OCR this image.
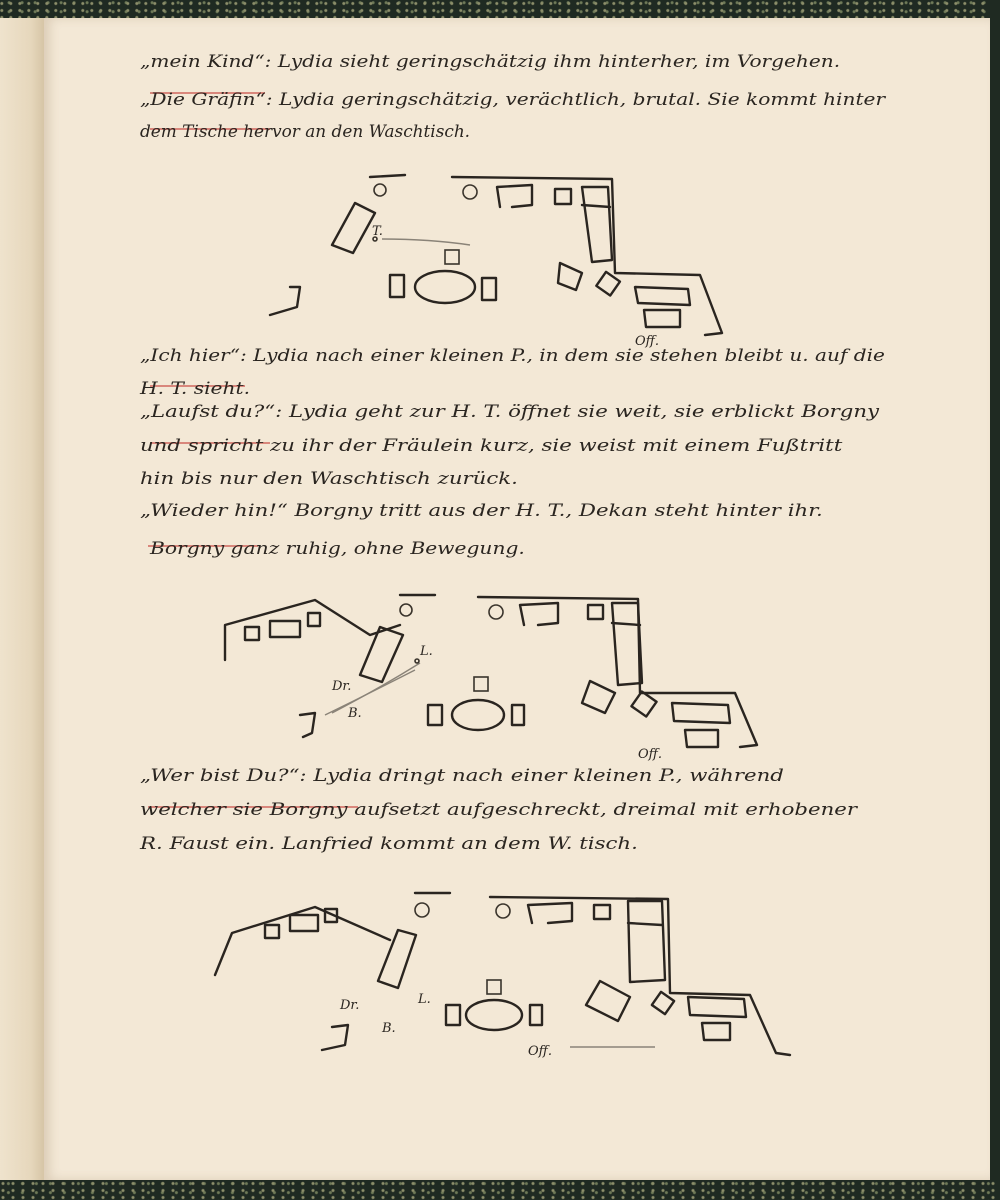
„mein Kind“: Lydia sieht geringschätzig ihm hinterher, im Vorgehen.
„Die Gräfin“: Lydia geringschätzig, verächtlich, brutal. Sie kommt hinter
dem Tische hervor an den Waschtisch.
„Ich hier“: Lydia nach einer kleinen P., in dem sie stehen bleibt u. auf die
H. T. sieht.
„Laufst du?“: Lydia geht zur H. T. öffnet sie weit, sie erblickt Borgny
und spricht zu ihr der Fräulein kurz, sie weist mit einem Fußtritt
hin bis nur den Waschtisch zurück.
„Wieder hin!“ Borgny tritt aus der H. T., Dekan steht hinter ihr.
Borgny ganz ruhig, ohne Bewegung.
„Wer bist Du?“: Lydia dringt nach einer kleinen P., während
welcher sie Borgny aufsetzt aufgeschreckt, dreimal mit erhobener
R. Faust ein. Lanfried kommt an dem W. tisch.
T.
Off.
L.
Dr.
B.
Off.
Dr.
B.
L.
Off.
